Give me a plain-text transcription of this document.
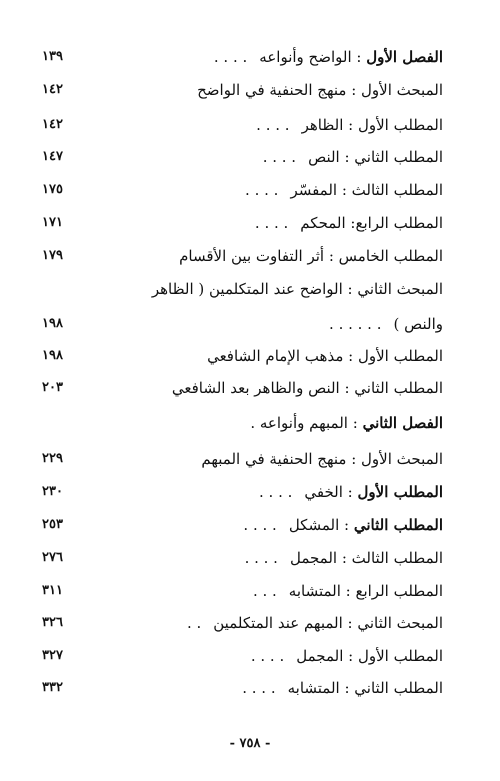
الفصل الأول : الواضح وأنواعه
. . . .
١٣٩
المبحث الأول : منهج الحنفية في الواضح
١٤٢
المطلب الأول : الظاهر
. . . .
١٤٢
المطلب الثاني : النص
. . . .
١٤٧
المطلب الثالث : المفسّر
. . . .
١٧٥
المطلب الرابع: المحكم
. . . .
١٧١
المطلب الخامس : أثر التفاوت بين الأقسام
١٧٩
المبحث الثاني : الواضح عند المتكلمين ( الظاهر
والنص )
. . . . . .
١٩٨
المطلب الأول : مذهب الإمام الشافعي
١٩٨
المطلب الثاني : النص والظاهر بعد الشافعي
٢٠٣
الفصل الثاني : المبهم وأنواعه .
المبحث الأول : منهج الحنفية في المبهم
٢٢٩
المطلب الأول : الخفي
. . . .
٢٣٠
المطلب الثاني : المشكل
. . . .
٢٥٣
المطلب الثالث : المجمل
. . . .
٢٧٦
المطلب الرابع : المتشابه
. . .
٣١١
المبحث الثاني : المبهم عند المتكلمين
. .
٣٢٦
المطلب الأول : المجمل
. . . .
٣٢٧
المطلب الثاني : المتشابه
. . . .
٣٣٢
- ٧٥٨ -
